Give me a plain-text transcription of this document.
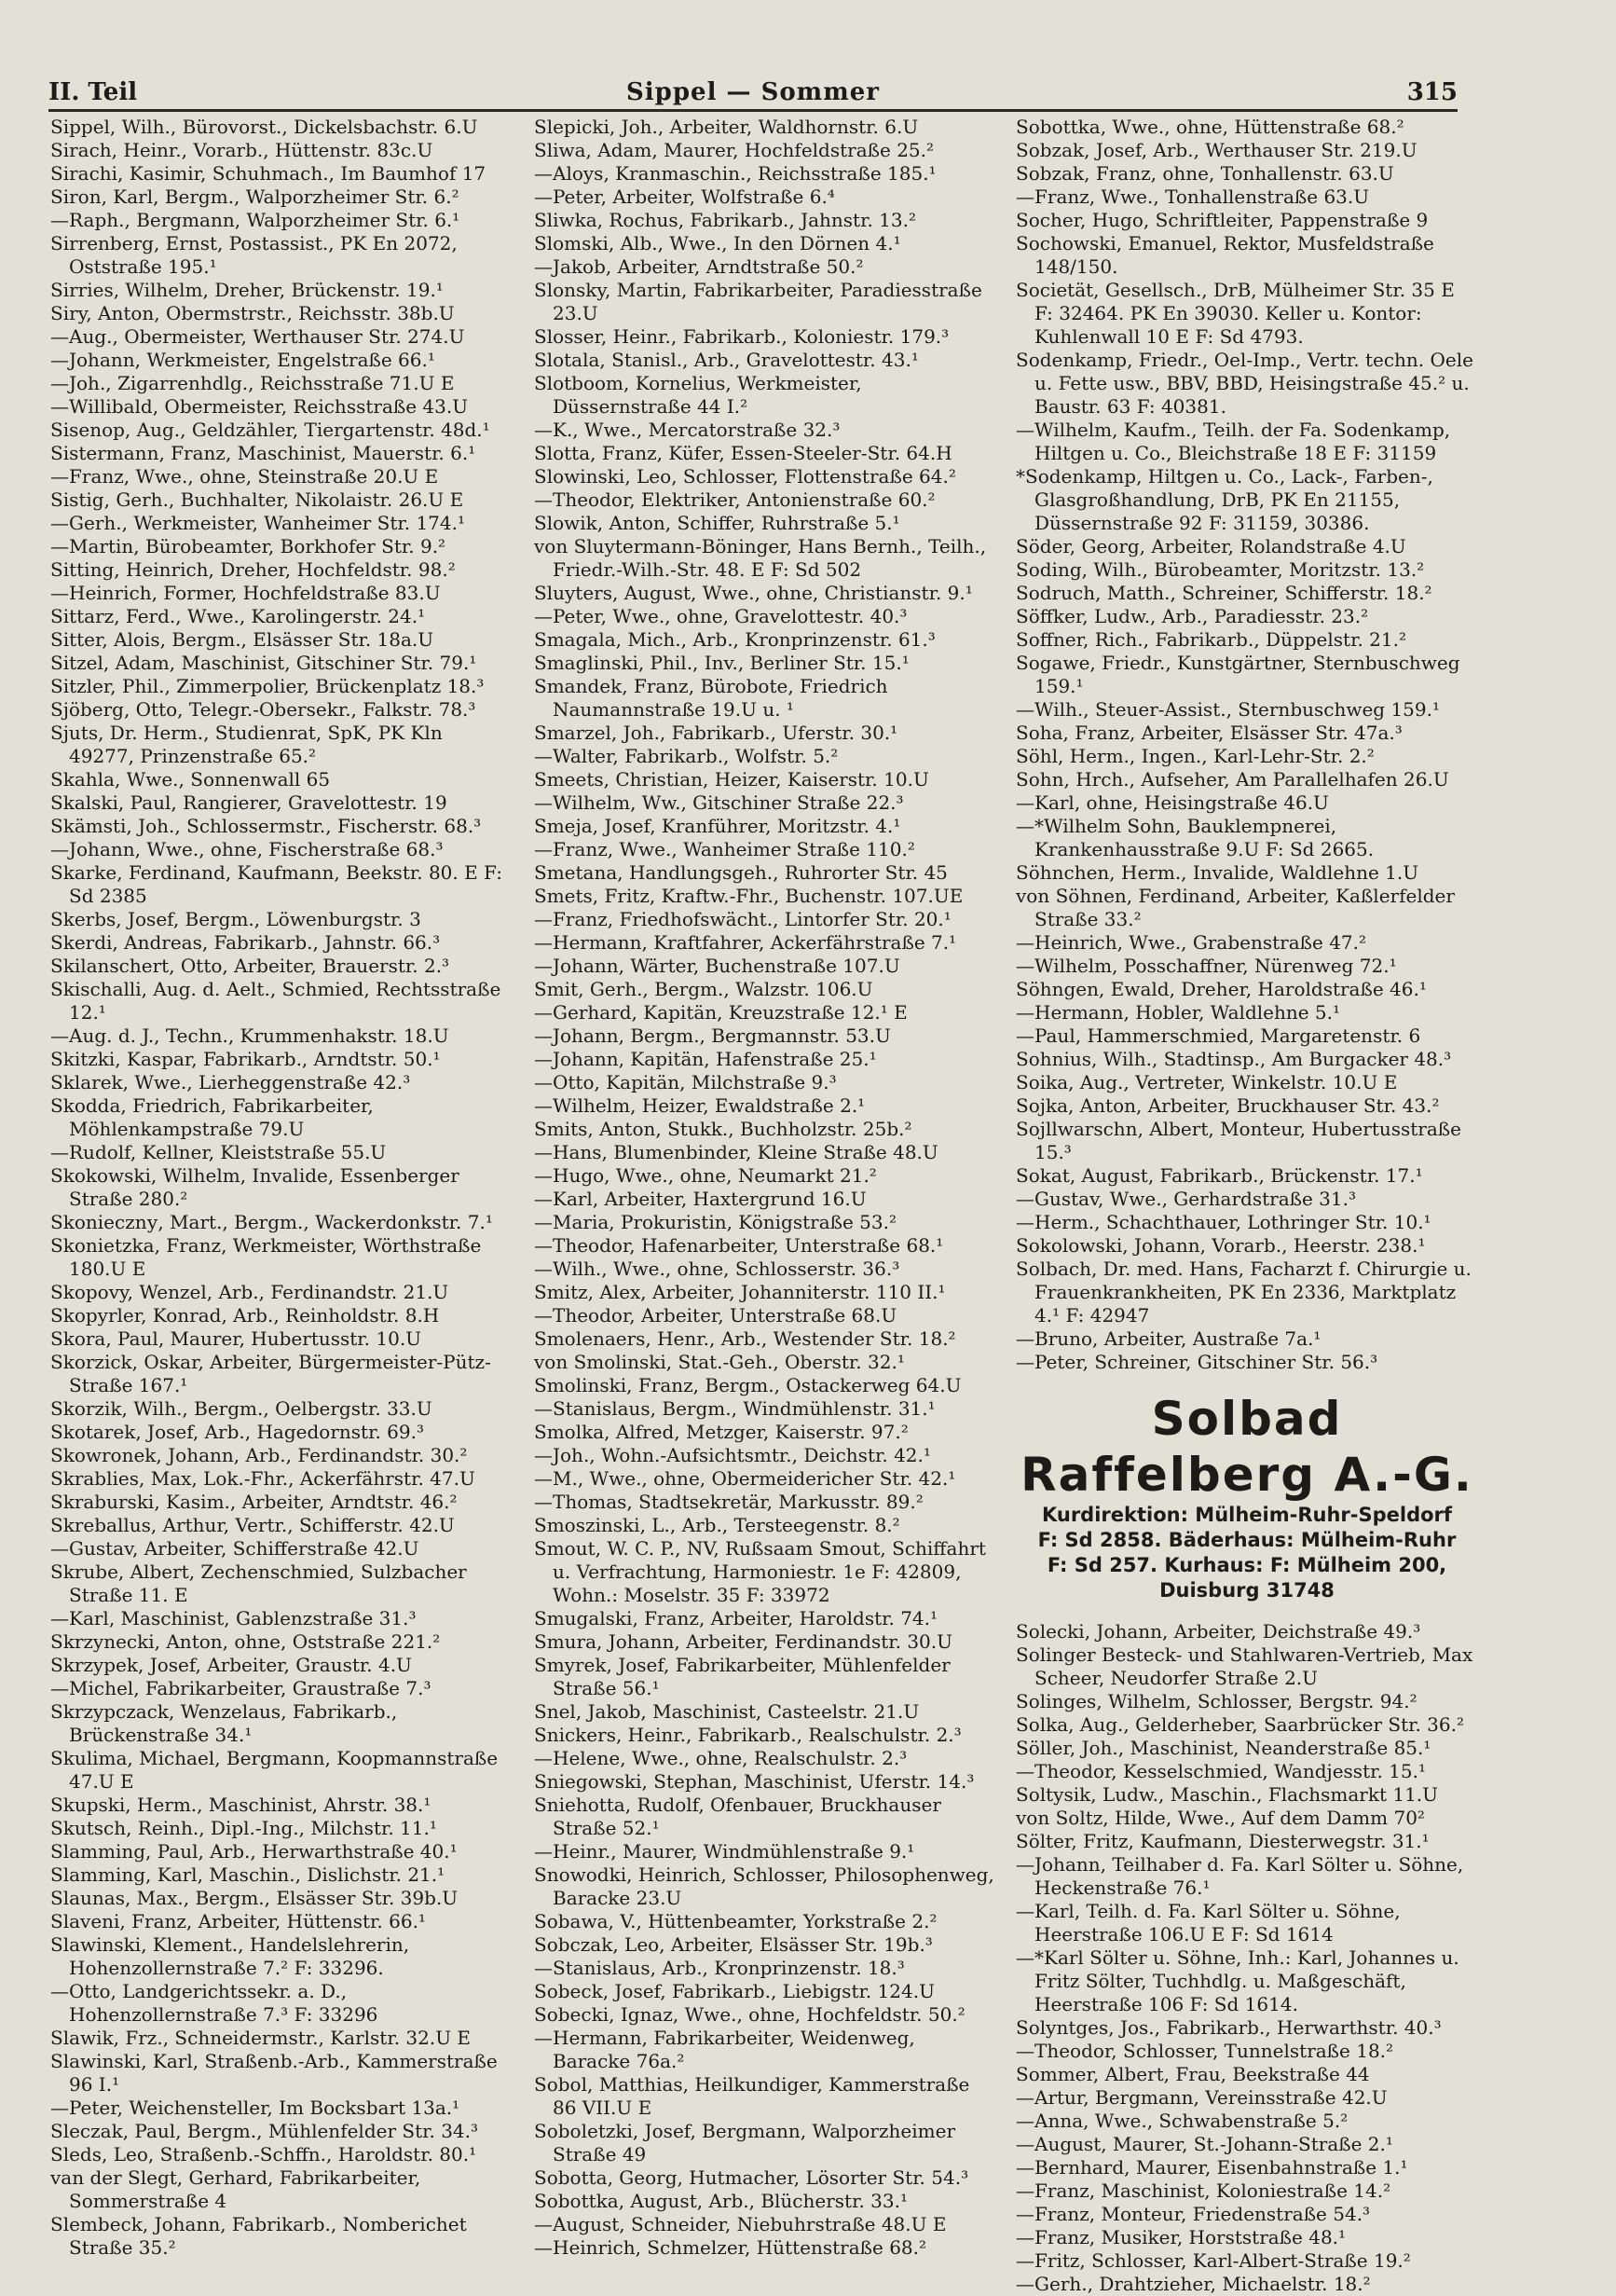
II. Teil	Sippel — Sommer	315

Sippel, Wilh., Bürovorst., Dickelsbachstr. 6.U

Sirach, Heinr., Vorarb., Hüttenstr. 83c.U

Sirachi, Kasimir, Schuhmach., Im Baumhof 17

Siron, Karl, Bergm., Walporzheimer Str. 6.²

—Raph., Bergmann, Walporzheimer Str. 6.¹

Sirrenberg, Ernst, Postassist., PK En 2072, Oststraße 195.¹

Sirries, Wilhelm, Dreher, Brückenstr. 19.¹

Siry, Anton, Obermstrstr., Reichsstr. 38b.U

—Aug., Obermeister, Werthauser Str. 274.U

—Johann, Werkmeister, Engelstraße 66.¹

—Joh., Zigarrenhdlg., Reichsstraße 71.U E

—Willibald, Obermeister, Reichsstraße 43.U

Sisenop, Aug., Geldzähler, Tiergartenstr. 48d.¹

Sistermann, Franz, Maschinist, Mauerstr. 6.¹

—Franz, Wwe., ohne, Steinstraße 20.U E

Sistig, Gerh., Buchhalter, Nikolaistr. 26.U E

—Gerh., Werkmeister, Wanheimer Str. 174.¹

—Martin, Bürobeamter, Borkhofer Str. 9.²

Sitting, Heinrich, Dreher, Hochfeldstr. 98.²

—Heinrich, Former, Hochfeldstraße 83.U

Sittarz, Ferd., Wwe., Karolingerstr. 24.¹

Sitter, Alois, Bergm., Elsässer Str. 18a.U

Sitzel, Adam, Maschinist, Gitschiner Str. 79.¹

Sitzler, Phil., Zimmerpolier, Brückenplatz 18.³

Sjöberg, Otto, Telegr.-Obersekr., Falkstr. 78.³

Sjuts, Dr. Herm., Studienrat, SpK, PK Kln 49277, Prinzenstraße 65.²

Skahla, Wwe., Sonnenwall 65

Skalski, Paul, Rangierer, Gravelottestr. 19

Skämsti, Joh., Schlossermstr., Fischerstr. 68.³

—Johann, Wwe., ohne, Fischerstraße 68.³

Skarke, Ferdinand, Kaufmann, Beekstr. 80. E F: Sd 2385

Skerbs, Josef, Bergm., Löwenburgstr. 3

Skerdi, Andreas, Fabrikarb., Jahnstr. 66.³

Skilanschert, Otto, Arbeiter, Brauerstr. 2.³

Skischalli, Aug. d. Aelt., Schmied, Rechtsstraße 12.¹

—Aug. d. J., Techn., Krummenhakstr. 18.U

Skitzki, Kaspar, Fabrikarb., Arndtstr. 50.¹

Sklarek, Wwe., Lierheggenstraße 42.³

Skodda, Friedrich, Fabrikarbeiter, Möhlenkampstraße 79.U

—Rudolf, Kellner, Kleiststraße 55.U

Skokowski, Wilhelm, Invalide, Essenberger Straße 280.²

Skoniecznу, Mart., Bergm., Wackerdonkstr. 7.¹

Skonietzka, Franz, Werkmeister, Wörthstraße 180.U E

Skopovy, Wenzel, Arb., Ferdinandstr. 21.U

Skopyrler, Konrad, Arb., Reinholdstr. 8.H

Skora, Paul, Maurer, Hubertusstr. 10.U

Skorzick, Oskar, Arbeiter, Bürgermeister-Pütz-Straße 167.¹

Skorzik, Wilh., Bergm., Oelbergstr. 33.U

Skotarek, Josef, Arb., Hagedornstr. 69.³

Skowronek, Johann, Arb., Ferdinandstr. 30.²

Skrablies, Max, Lok.-Fhr., Ackerfährstr. 47.U

Skraburski, Kasim., Arbeiter, Arndtstr. 46.²

Skreballus, Arthur, Vertr., Schifferstr. 42.U

—Gustav, Arbeiter, Schifferstraße 42.U

Skrube, Albert, Zechenschmied, Sulzbacher Straße 11. E

—Karl, Maschinist, Gablenzstraße 31.³

Skrzynecki, Anton, ohne, Oststraße 221.²

Skrzypek, Josef, Arbeiter, Graustr. 4.U

—Michel, Fabrikarbeiter, Graustraße 7.³

Skrzypczack, Wenzelaus, Fabrikarb., Brückenstraße 34.¹

Skulima, Michael, Bergmann, Koopmannstraße 47.U E

Skupski, Herm., Maschinist, Ahrstr. 38.¹

Skutsch, Reinh., Dipl.-Ing., Milchstr. 11.¹

Slamming, Paul, Arb., Herwarthstraße 40.¹

Slamming, Karl, Maschin., Dislichstr. 21.¹

Slaunas, Max., Bergm., Elsässer Str. 39b.U

Slaveni, Franz, Arbeiter, Hüttenstr. 66.¹

Slawinski, Klement., Handelslehrerin, Hohenzollernstraße 7.² F: 33296.

—Otto, Landgerichtssekr. a. D., Hohenzollernstraße 7.³ F: 33296

Slawik, Frz., Schneidermstr., Karlstr. 32.U E

Slawinski, Karl, Straßenb.-Arb., Kammerstraße 96 I.¹

—Peter, Weichensteller, Im Bocksbart 13a.¹

Sleczak, Paul, Bergm., Mühlenfelder Str. 34.³

Sleds, Leo, Straßenb.-Schffn., Haroldstr. 80.¹

van der Slegt, Gerhard, Fabrikarbeiter, Sommerstraße 4

Slembeck, Johann, Fabrikarb., Nomberichet Straße 35.²

Slepicki, Joh., Arbeiter, Waldhornstr. 6.U

Sliwa, Adam, Maurer, Hochfeldstraße 25.²

—Aloys, Kranmaschin., Reichsstraße 185.¹

—Peter, Arbeiter, Wolfstraße 6.⁴

Sliwka, Rochus, Fabrikarb., Jahnstr. 13.²

Slomski, Alb., Wwe., In den Dörnen 4.¹

—Jakob, Arbeiter, Arndtstraße 50.²

Slonsky, Martin, Fabrikarbeiter, Paradiesstraße 23.U

Slosser, Heinr., Fabrikarb., Koloniestr. 179.³

Slotala, Stanisl., Arb., Gravelottestr. 43.¹

Slotboom, Kornelius, Werkmeister, Düssernstraße 44 I.²

—K., Wwe., Mercatorstraße 32.³

Slotta, Franz, Küfer, Essen-Steeler-Str. 64.H

Slowinski, Leo, Schlosser, Flottenstraße 64.²

—Theodor, Elektriker, Antonienstraße 60.²

Slowik, Anton, Schiffer, Ruhrstraße 5.¹

von Sluytermann-Böninger, Hans Bernh., Teilh., Friedr.-Wilh.-Str. 48. E F: Sd 502

Sluyters, August, Wwe., ohne, Christianstr. 9.¹

—Peter, Wwe., ohne, Gravelottestr. 40.³

Smagala, Mich., Arb., Kronprinzenstr. 61.³

Smaglinski, Phil., Inv., Berliner Str. 15.¹

Smandek, Franz, Bürobote, Friedrich Naumannstraße 19.U u. ¹

Smarzel, Joh., Fabrikarb., Uferstr. 30.¹

—Walter, Fabrikarb., Wolfstr. 5.²

Smeets, Christian, Heizer, Kaiserstr. 10.U

—Wilhelm, Ww., Gitschiner Straße 22.³

Smeja, Josef, Kranführer, Moritzstr. 4.¹

—Franz, Wwe., Wanheimer Straße 110.²

Smetana, Handlungsgeh., Ruhrorter Str. 45

Smets, Fritz, Kraftw.-Fhr., Buchenstr. 107.UE

—Franz, Friedhofswächt., Lintorfer Str. 20.¹

—Hermann, Kraftfahrer, Ackerfährstraße 7.¹

—Johann, Wärter, Buchenstraße 107.U

Smit, Gerh., Bergm., Walzstr. 106.U

—Gerhard, Kapitän, Kreuzstraße 12.¹ E

—Johann, Bergm., Bergmannstr. 53.U

—Johann, Kapitän, Hafenstraße 25.¹

—Otto, Kapitän, Milchstraße 9.³

—Wilhelm, Heizer, Ewaldstraße 2.¹

Smits, Anton, Stukk., Buchholzstr. 25b.²

—Hans, Blumenbinder, Kleine Straße 48.U

—Hugo, Wwe., ohne, Neumarkt 21.²

—Karl, Arbeiter, Haxtergrund 16.U

—Maria, Prokuristin, Königstraße 53.²

—Theodor, Hafenarbeiter, Unterstraße 68.¹

—Wilh., Wwe., ohne, Schlosserstr. 36.³

Smitz, Alex, Arbeiter, Johanniterstr. 110 II.¹

—Theodor, Arbeiter, Unterstraße 68.U

Smolenaers, Henr., Arb., Westender Str. 18.²

von Smolinski, Stat.-Geh., Oberstr. 32.¹

Smolinski, Franz, Bergm., Ostackerweg 64.U

—Stanislaus, Bergm., Windmühlenstr. 31.¹

Smolka, Alfred, Metzger, Kaiserstr. 97.²

—Joh., Wohn.-Aufsichtsmtr., Deichstr. 42.¹

—M., Wwe., ohne, Obermeidericher Str. 42.¹

—Thomas, Stadtsekretär, Markusstr. 89.²

Smoszinski, L., Arb., Tersteegenstr. 8.²

Smout, W. C. P., NV, Rußsaam Smout, Schiffahrt u. Verfrachtung, Harmoniestr. 1e F: 42809, Wohn.: Moselstr. 35 F: 33972

Smugalski, Franz, Arbeiter, Haroldstr. 74.¹

Smura, Johann, Arbeiter, Ferdinandstr. 30.U

Smyrek, Josef, Fabrikarbeiter, Mühlenfelder Straße 56.¹

Snel, Jakob, Maschinist, Casteelstr. 21.U

Snickers, Heinr., Fabrikarb., Realschulstr. 2.³

—Helene, Wwe., ohne, Realschulstr. 2.³

Sniegowski, Stephan, Maschinist, Uferstr. 14.³

Sniehotta, Rudolf, Ofenbauer, Bruckhauser Straße 52.¹

—Heinr., Maurer, Windmühlenstraße 9.¹

Snowodki, Heinrich, Schlosser, Philosophenweg, Baracke 23.U

Sobawa, V., Hüttenbeamter, Yorkstraße 2.²

Sobczak, Leo, Arbeiter, Elsässer Str. 19b.³

—Stanislaus, Arb., Kronprinzenstr. 18.³

Sobeck, Josef, Fabrikarb., Liebigstr. 124.U

Sobecki, Ignaz, Wwe., ohne, Hochfeldstr. 50.²

—Hermann, Fabrikarbeiter, Weidenweg, Baracke 76a.²

Sobol, Matthias, Heilkundiger, Kammerstraße 86 VII.U E

Soboletzki, Josef, Bergmann, Walporzheimer Straße 49

Sobotta, Georg, Hutmacher, Lösorter Str. 54.³

Sobottka, August, Arb., Blücherstr. 33.¹

—August, Schneider, Niebuhrstraße 48.U E

—Heinrich, Schmelzer, Hüttenstraße 68.²

Sobottka, Wwe., ohne, Hüttenstraße 68.²

Sobzak, Josef, Arb., Werthauser Str. 219.U

Sobzak, Franz, ohne, Tonhallenstr. 63.U

—Franz, Wwe., Tonhallenstraße 63.U

Socher, Hugo, Schriftleiter, Pappenstraße 9

Sochowski, Emanuel, Rektor, Musfeldstraße 148/150.

Societät, Gesellsch., DrB, Mülheimer Str. 35 E F: 32464. PK En 39030. Keller u. Kontor: Kuhlenwall 10 E F: Sd 4793.

Sodenkamp, Friedr., Oel-Imp., Vertr. techn. Oele u. Fette usw., BBV, BBD, Heisingstraße 45.² u. Baustr. 63 F: 40381.

—Wilhelm, Kaufm., Teilh. der Fa. Sodenkamp, Hiltgen u. Co., Bleichstraße 18 E F: 31159

*Sodenkamp, Hiltgen u. Co., Lack-, Farben-, Glasgroßhandlung, DrB, PK En 21155, Düssernstraße 92 F: 31159, 30386.

Söder, Georg, Arbeiter, Rolandstraße 4.U

Soding, Wilh., Bürobeamter, Moritzstr. 13.²

Sodruch, Matth., Schreiner, Schifferstr. 18.²

Söffker, Ludw., Arb., Paradiesstr. 23.²

Soffner, Rich., Fabrikarb., Düppelstr. 21.²

Sogawe, Friedr., Kunstgärtner, Sternbuschweg 159.¹

—Wilh., Steuer-Assist., Sternbuschweg 159.¹

Soha, Franz, Arbeiter, Elsässer Str. 47a.³

Söhl, Herm., Ingen., Karl-Lehr-Str. 2.²

Sohn, Hrch., Aufseher, Am Parallelhafen 26.U

—Karl, ohne, Heisingstraße 46.U

—*Wilhelm Sohn, Bauklempnerei, Krankenhausstraße 9.U F: Sd 2665.

Söhnchen, Herm., Invalide, Waldlehne 1.U

von Söhnen, Ferdinand, Arbeiter, Kaßlerfelder Straße 33.²

—Heinrich, Wwe., Grabenstraße 47.²

—Wilhelm, Posschaffner, Nürenweg 72.¹

Söhngen, Ewald, Dreher, Haroldstraße 46.¹

—Hermann, Hobler, Waldlehne 5.¹

—Paul, Hammerschmied, Margaretenstr. 6

Sohnius, Wilh., Stadtinsp., Am Burgacker 48.³

Soika, Aug., Vertreter, Winkelstr. 10.U E

Sojka, Anton, Arbeiter, Bruckhauser Str. 43.²

Sojllwarschn, Albert, Monteur, Hubertusstraße 15.³

Sokat, August, Fabrikarb., Brückenstr. 17.¹

—Gustav, Wwe., Gerhardstraße 31.³

—Herm., Schachthauer, Lothringer Str. 10.¹

Sokolowski, Johann, Vorarb., Heerstr. 238.¹

Solbach, Dr. med. Hans, Facharzt f. Chirurgie u. Frauenkrankheiten, PK En 2336, Marktplatz 4.¹ F: 42947

—Bruno, Arbeiter, Austraße 7a.¹

—Peter, Schreiner, Gitschiner Str. 56.³

Solbad Raffelberg A.-G.
Kurdirektion: Mülheim-Ruhr-Speldorf
F: Sd 2858. Bäderhaus: Mülheim-Ruhr
F: Sd 257. Kurhaus: F: Mülheim 200,
Duisburg 31748

Solecki, Johann, Arbeiter, Deichstraße 49.³

Solinger Besteck- und Stahlwaren-Vertrieb, Max Scheer, Neudorfer Straße 2.U

Solinges, Wilhelm, Schlosser, Bergstr. 94.²

Solka, Aug., Gelderheber, Saarbrücker Str. 36.²

Söller, Joh., Maschinist, Neanderstraße 85.¹

—Theodor, Kesselschmied, Wandjesstr. 15.¹

Soltysik, Ludw., Maschin., Flachsmarkt 11.U

von Soltz, Hilde, Wwe., Auf dem Damm 70²

Sölter, Fritz, Kaufmann, Diesterwegstr. 31.¹

—Johann, Teilhaber d. Fa. Karl Sölter u. Söhne, Heckenstraße 76.¹

—Karl, Teilh. d. Fa. Karl Sölter u. Söhne, Heerstraße 106.U E F: Sd 1614

—*Karl Sölter u. Söhne, Inh.: Karl, Johannes u. Fritz Sölter, Tuchhdlg. u. Maßgeschäft, Heerstraße 106 F: Sd 1614.

Solyntges, Jos., Fabrikarb., Herwarthstr. 40.³

—Theodor, Schlosser, Tunnelstraße 18.²

Sommer, Albert, Frau, Beekstraße 44

—Artur, Bergmann, Vereinsstraße 42.U

—Anna, Wwe., Schwabenstraße 5.²

—August, Maurer, St.-Johann-Straße 2.¹

—Bernhard, Maurer, Eisenbahnstraße 1.¹

—Franz, Maschinist, Koloniestraße 14.²

—Franz, Monteur, Friedenstraße 54.³

—Franz, Musiker, Horststraße 48.¹

—Fritz, Schlosser, Karl-Albert-Straße 19.²

—Gerh., Drahtzieher, Michaelstr. 18.²
